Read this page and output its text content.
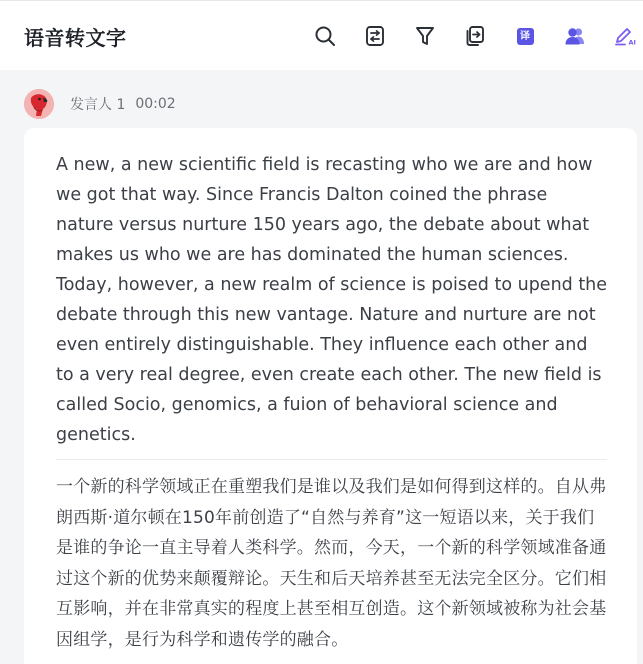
语音转文字	译
AI
发言人 1 00:02

A new, a new scientific field is recasting who we are and how we got that way. Since Francis Dalton coined the phrase nature versus nurture 150 years ago, the debate about what makes us who we are has dominated the human sciences. Today, however, a new realm of science is poised to upend the debate through this new vantage. Nature and nurture are not even entirely distinguishable. They influence each other and to a very real degree, even create each other. The new field is called Socio, genomics, a fuion of behavioral science and genetics.

一个新的科学领域正在重塑我们是谁以及我们是如何得到这样的。自从弗朗西斯·道尔顿在150年前创造了“自然与养育”这一短语以来，关于我们是谁的争论一直主导着人类科学。然而，今天，一个新的科学领域准备通过这个新的优势来颠覆辩论。天生和后天培养甚至无法完全区分。它们相互影响，并在非常真实的程度上甚至相互创造。这个新领域被称为社会基因组学，是行为科学和遗传学的融合。
